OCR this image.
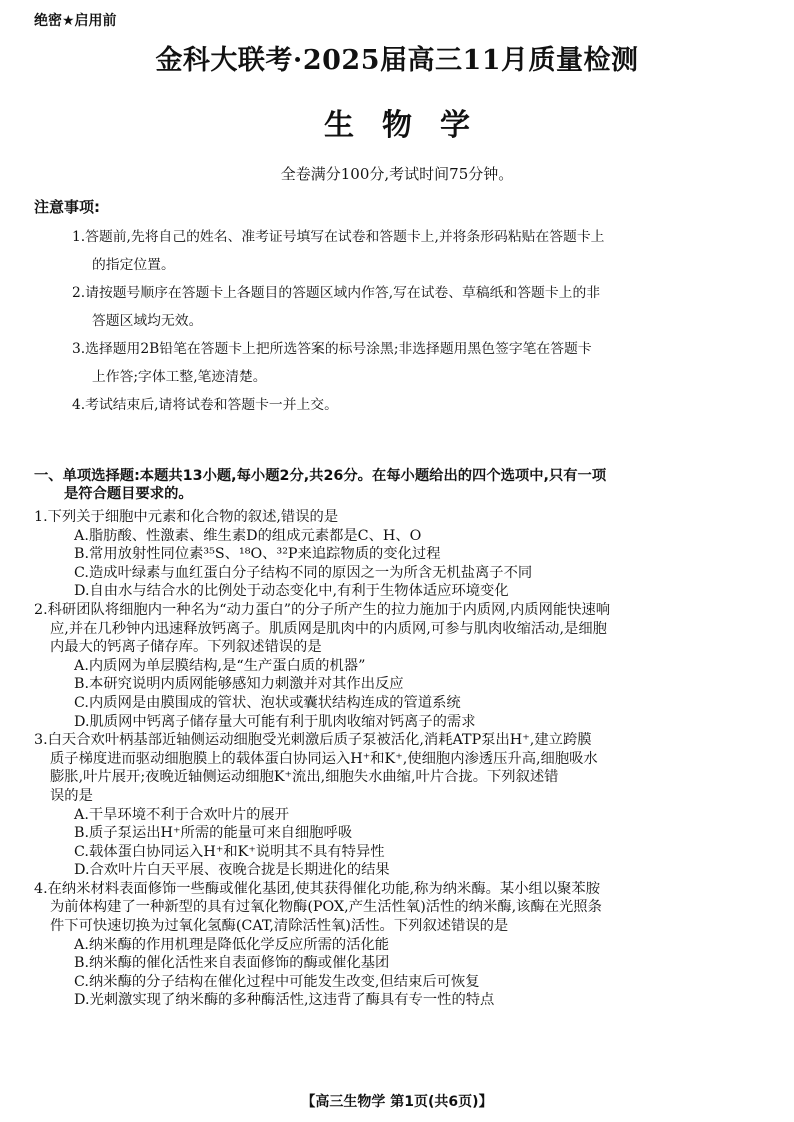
绝密★启用前
金科大联考·2025届高三11月质量检测
生物学
全卷满分100分,考试时间75分钟。
注意事项:
1.答题前,先将自己的姓名、准考证号填写在试卷和答题卡上,并将条形码粘贴在答题卡上
的指定位置。
2.请按题号顺序在答题卡上各题目的答题区域内作答,写在试卷、草稿纸和答题卡上的非
答题区域均无效。
3.选择题用2B铅笔在答题卡上把所选答案的标号涂黑;非选择题用黑色签字笔在答题卡
上作答;字体工整,笔迹清楚。
4.考试结束后,请将试卷和答题卡一并上交。
一、单项选择题:本题共13小题,每小题2分,共26分。在每小题给出的四个选项中,只有一项
是符合题目要求的。
1.下列关于细胞中元素和化合物的叙述,错误的是
A.脂肪酸、性激素、维生素D的组成元素都是C、H、O
B.常用放射性同位素³⁵S、¹⁸O、³²P来追踪物质的变化过程
C.造成叶绿素与血红蛋白分子结构不同的原因之一为所含无机盐离子不同
D.自由水与结合水的比例处于动态变化中,有利于生物体适应环境变化
2.科研团队将细胞内一种名为“动力蛋白”的分子所产生的拉力施加于内质网,内质网能快速响
应,并在几秒钟内迅速释放钙离子。肌质网是肌肉中的内质网,可参与肌肉收缩活动,是细胞
内最大的钙离子储存库。下列叙述错误的是
A.内质网为单层膜结构,是“生产蛋白质的机器”
B.本研究说明内质网能够感知力刺激并对其作出反应
C.内质网是由膜围成的管状、泡状或囊状结构连成的管道系统
D.肌质网中钙离子储存量大可能有利于肌肉收缩对钙离子的需求
3.白天合欢叶柄基部近轴侧运动细胞受光刺激后质子泵被活化,消耗ATP泵出H⁺,建立跨膜
质子梯度进而驱动细胞膜上的载体蛋白协同运入H⁺和K⁺,使细胞内渗透压升高,细胞吸水
膨胀,叶片展开;夜晚近轴侧运动细胞K⁺流出,细胞失水曲缩,叶片合拢。下列叙述错
误的是
A.干旱环境不利于合欢叶片的展开
B.质子泵运出H⁺所需的能量可来自细胞呼吸
C.载体蛋白协同运入H⁺和K⁺说明其不具有特异性
D.合欢叶片白天平展、夜晚合拢是长期进化的结果
4.在纳米材料表面修饰一些酶或催化基团,使其获得催化功能,称为纳米酶。某小组以聚苯胺
为前体构建了一种新型的具有过氧化物酶(POX,产生活性氧)活性的纳米酶,该酶在光照条
件下可快速切换为过氧化氢酶(CAT,清除活性氧)活性。下列叙述错误的是
A.纳米酶的作用机理是降低化学反应所需的活化能
B.纳米酶的催化活性来自表面修饰的酶或催化基团
C.纳米酶的分子结构在催化过程中可能发生改变,但结束后可恢复
D.光刺激实现了纳米酶的多种酶活性,这违背了酶具有专一性的特点
【高三生物学 第1页(共6页)】
